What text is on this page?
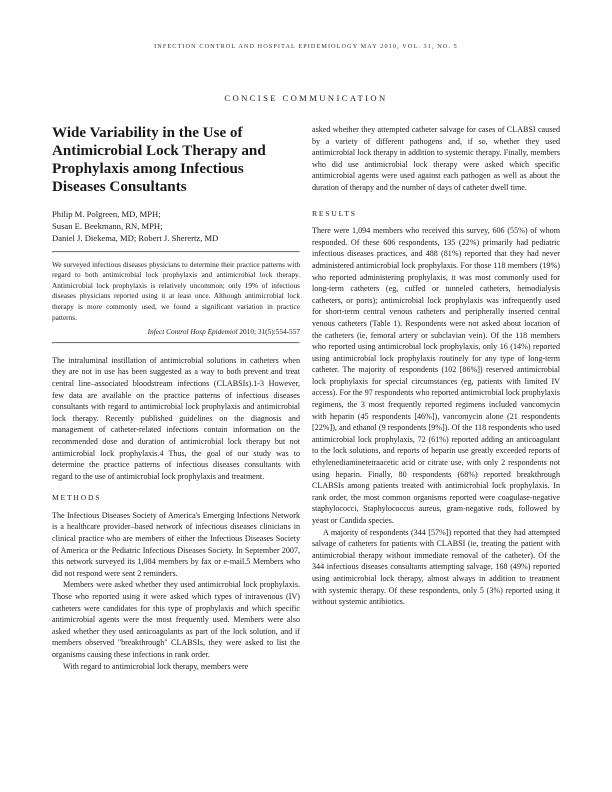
INFECTION CONTROL AND HOSPITAL EPIDEMIOLOGY MAY 2010, VOL. 31, NO. 5
CONCISE COMMUNICATION
Wide Variability in the Use of Antimicrobial Lock Therapy and Prophylaxis among Infectious Diseases Consultants
Philip M. Polgreen, MD, MPH;
Susan E. Beekmann, RN, MPH;
Daniel J. Diekema, MD; Robert J. Sherertz, MD
We surveyed infectious diseases physicians to determine their practice patterns with regard to both antimicrobial lock prophylaxis and antimicrobial lock therapy. Antimicrobial lock prophylaxis is relatively uncommon; only 19% of infectious diseases physicians reported using it at least once. Although antimicrobial lock therapy is more commonly used, we found a significant variation in practice patterns.
Infect Control Hosp Epidemiol 2010; 31(5):554-557

The intraluminal instillation of antimicrobial solutions in catheters when they are not in use has been suggested as a way to both prevent and treat central line–associated bloodstream infections (CLABSIs).1-3 However, few data are available on the practice patterns of infectious diseases consultants with regard to antimicrobial lock prophylaxis and antimicrobial lock therapy. Recently published guidelines on the diagnosis and management of catheter-related infections contain information on the recommended dose and duration of antimicrobial lock therapy but not antimicrobial lock prophylaxis.4 Thus, the goal of our study was to determine the practice patterns of infectious diseases consultants with regard to the use of antimicrobial lock prophylaxis and treatment.

METHODS

The Infectious Diseases Society of America's Emerging Infections Network is a healthcare provider–based network of infectious diseases clinicians in clinical practice who are members of either the Infectious Diseases Society of America or the Pediatric Infectious Diseases Society. In September 2007, this network surveyed its 1,084 members by fax or e-mail.5 Members who did not respond were sent 2 reminders.

Members were asked whether they used antimicrobial lock prophylaxis. Those who reported using it were asked which types of intravenous (IV) catheters were candidates for this type of prophylaxis and which specific antimicrobial agents were the most frequently used. Members were also asked whether they used anticoagulants as part of the lock solution, and if members observed "breakthrough" CLABSIs, they were asked to list the organisms causing these infections in rank order.

With regard to antimicrobial lock therapy, members were

asked whether they attempted catheter salvage for cases of CLABSI caused by a variety of different pathogens and, if so, whether they used antimicrobial lock therapy in addition to systemic therapy. Finally, members who did use antimicrobial lock therapy were asked which specific antimicrobial agents were used against each pathogen as well as about the duration of therapy and the number of days of catheter dwell time.

RESULTS

There were 1,094 members who received this survey, 606 (55%) of whom responded. Of these 606 respondents, 135 (22%) primarily had pediatric infectious diseases practices, and 488 (81%) reported that they had never administered antimicrobial lock prophylaxis. For those 118 members (19%) who reported administering prophylaxis, it was most commonly used for long-term catheters (eg, cuffed or tunneled catheters, hemodialysis catheters, or ports); antimicrobial lock prophylaxis was infrequently used for short-term central venous catheters and peripherally inserted central venous catheters (Table 1). Respondents were not asked about location of the catheters (ie, femoral artery or subclavian vein). Of the 118 members who reported using antimicrobial lock prophylaxis, only 16 (14%) reported using antimicrobial lock prophylaxis routinely for any type of long-term catheter. The majority of respondents (102 [86%]) reserved antimicrobial lock prophylaxis for special circumstances (eg, patients with limited IV access). For the 97 respondents who reported antimicrobial lock prophylaxis regimens, the 3 most frequently reported regimens included vancomycin with heparin (45 respondents [46%]), vancomycin alone (21 respondents [22%]), and ethanol (9 respondents [9%]). Of the 118 respondents who used antimicrobial lock prophylaxis, 72 (61%) reported adding an anticoagulant to the lock solutions, and reports of heparin use greatly exceeded reports of ethylenediaminetetraacetic acid or citrate use, with only 2 respondents not using heparin. Finally, 80 respondents (68%) reported breakthrough CLABSIs among patients treated with antimicrobial lock prophylaxis. In rank order, the most common organisms reported were coagulase-negative staphylococci, Staphylococcus aureus, gram-negative rods, followed by yeast or Candida species.

A majority of respondents (344 [57%]) reported that they had attempted salvage of catheters for patients with CLABSI (ie, treating the patient with antimicrobial therapy without immediate removal of the catheter). Of the 344 infectious diseases consultants attempting salvage, 168 (49%) reported using antimicrobial lock therapy, almost always in addition to treatment with systemic therapy. Of these respondents, only 5 (3%) reported using it without systemic antibiotics.
